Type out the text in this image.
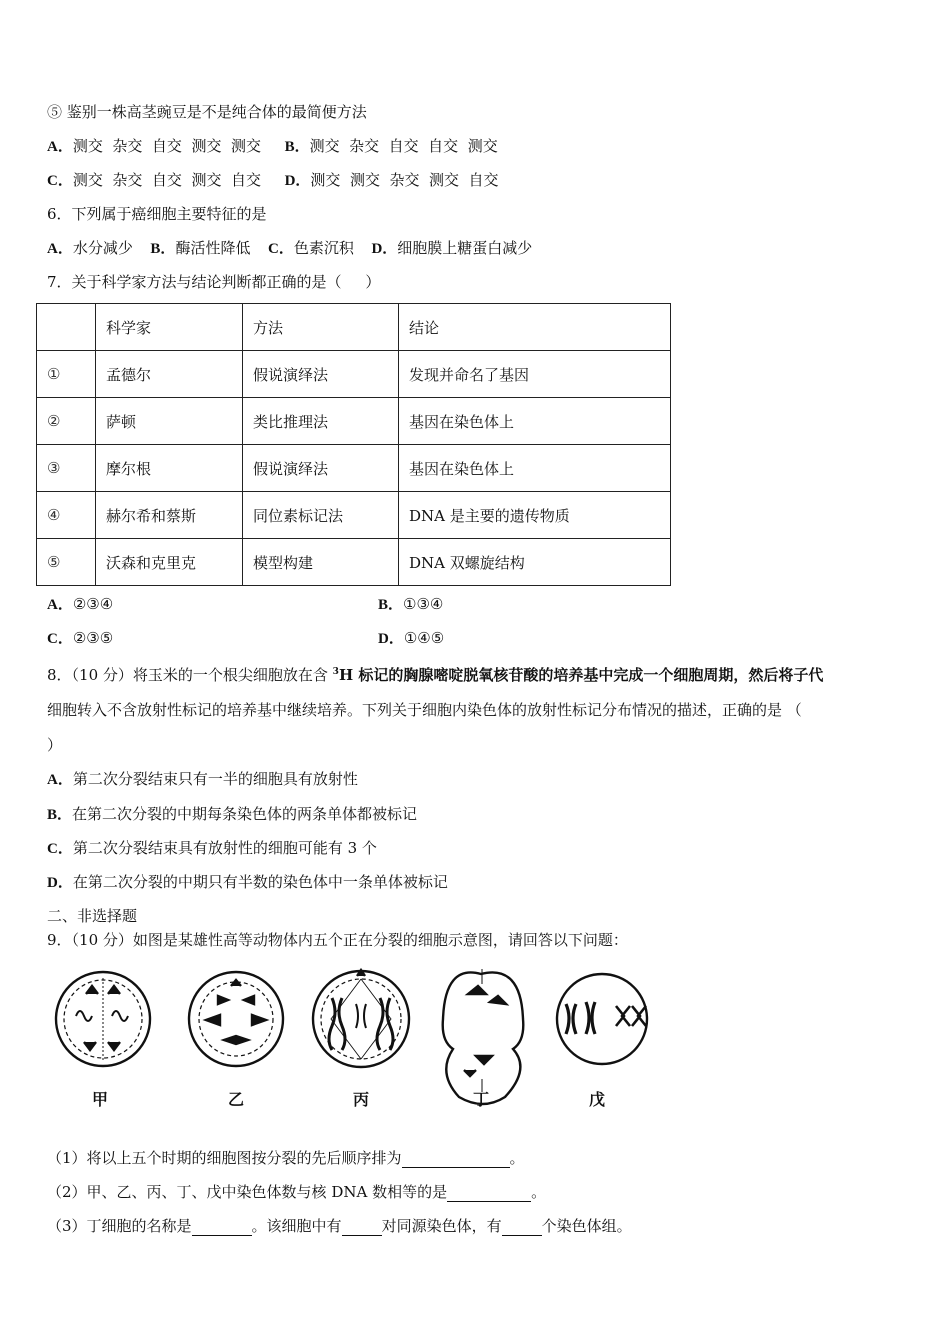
⑤ 鉴别一株高茎豌豆是不是纯合体的最简便方法
A．测交  杂交  自交  测交  测交 B．测交  杂交  自交  自交  测交
C．测交  杂交  自交  测交  自交 D．测交  测交  杂交  测交  自交
6．下列属于癌细胞主要特征的是
A．水分减少 B．酶活性降低 C．色素沉积 D．细胞膜上糖蛋白减少
7．关于科学家方法与结论判断都正确的是（     ）
	科学家	方法	结论
①	孟德尔	假说演绎法	发现并命名了基因
②	萨顿	类比推理法	基因在染色体上
③	摩尔根	假说演绎法	基因在染色体上
④	赫尔希和蔡斯	同位素标记法	DNA 是主要的遗传物质
⑤	沃森和克里克	模型构建	DNA 双螺旋结构
A．②③④	B．①③④
C．②③⑤	D．①④⑤
8．（10 分）将玉米的一个根尖细胞放在含 $^3$H 标记的胸腺嘧啶脱氧核苷酸的培养基中完成一个细胞周期，然后将子代
细胞转入不含放射性标记的培养基中继续培养。下列关于细胞内染色体的放射性标记分布情况的描述，正确的是 （
）
A．第二次分裂结束只有一半的细胞具有放射性
B．在第二次分裂的中期每条染色体的两条单体都被标记
C．第二次分裂结束具有放射性的细胞可能有 3 个
D．在第二次分裂的中期只有半数的染色体中一条单体被标记
二、非选择题
9．（10 分）如图是某雄性高等动物体内五个正在分裂的细胞示意图，请回答以下问题：
甲	乙	丙	丁	戊
（1）将以上五个时期的细胞图按分裂的先后顺序排为	。
（2）甲、乙、丙、丁、戊中染色体数与核 DNA 数相等的是	。
（3）丁细胞的名称是	。该细胞中有	对同源染色体，有	个染色体组。
